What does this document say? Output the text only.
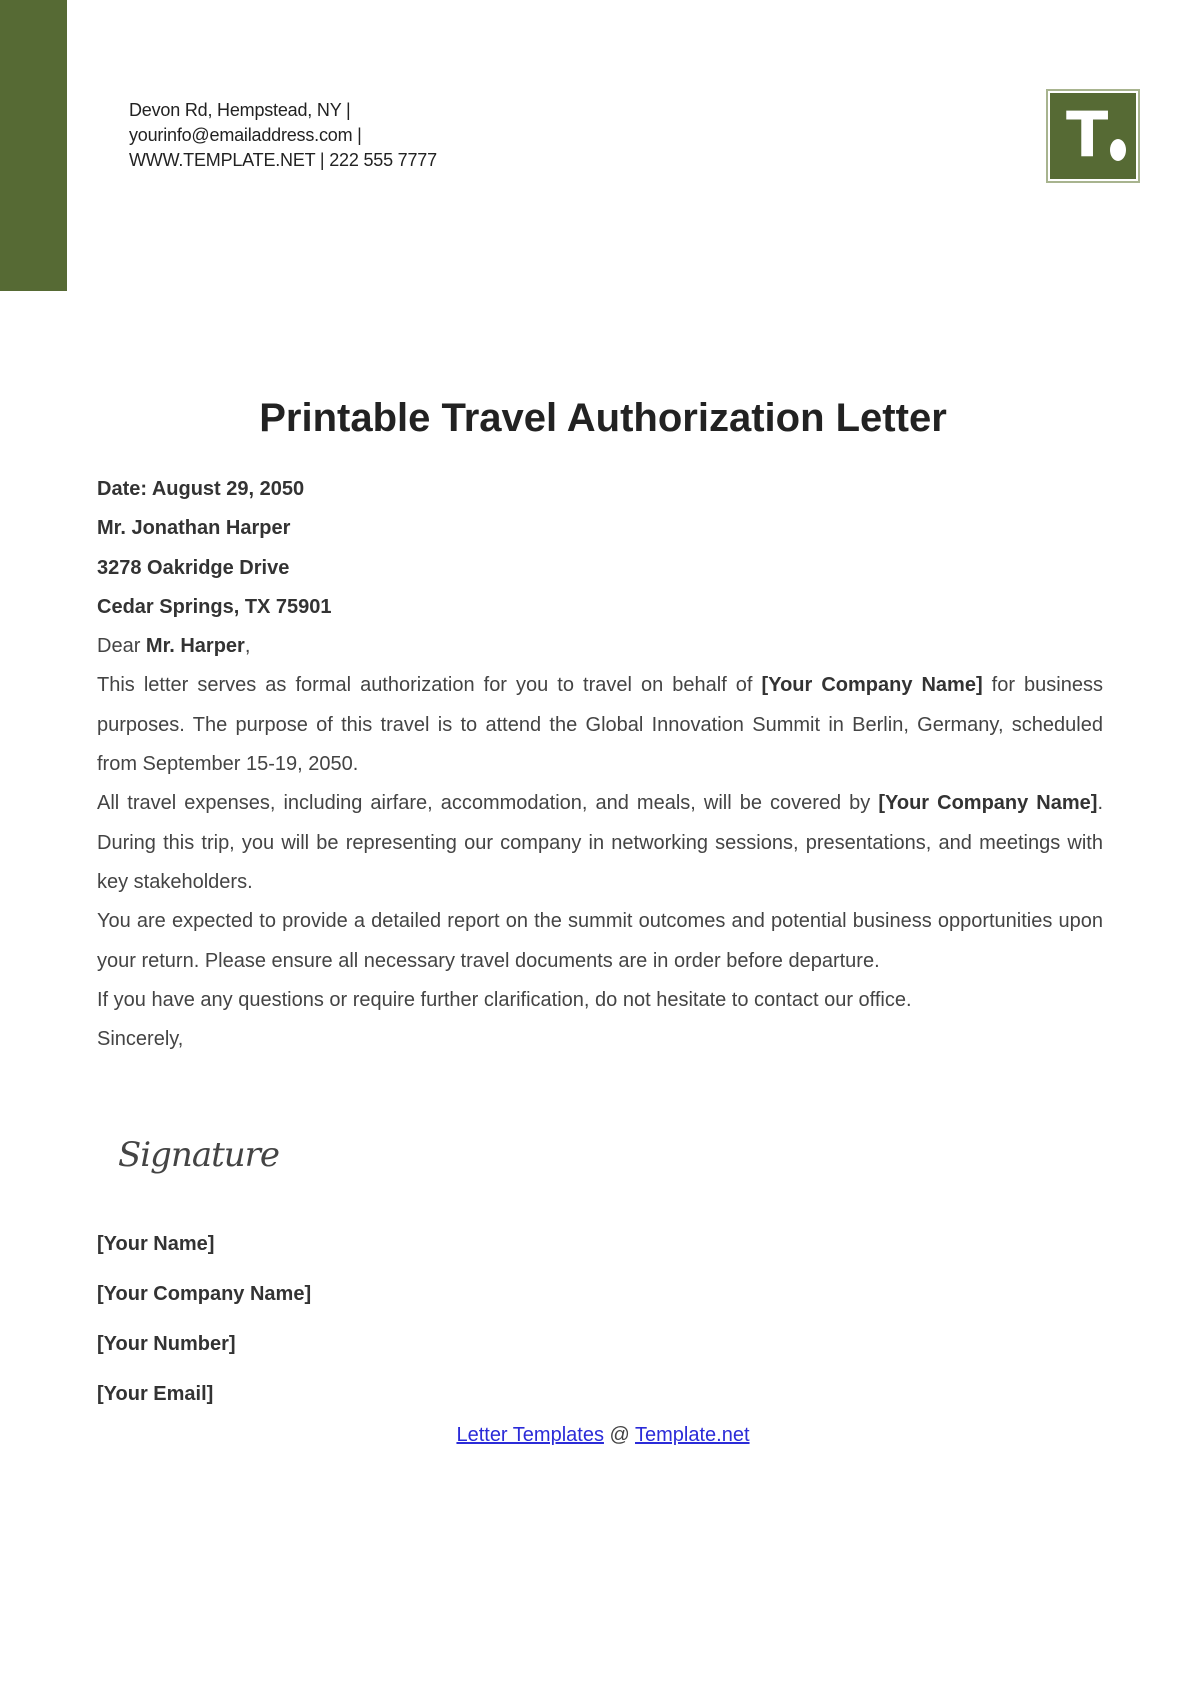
Devon Rd, Hempstead, NY |
yourinfo@emailaddress.com |
WWW.TEMPLATE.NET | 222 555 7777	T
Printable Travel Authorization Letter

Date: August 29, 2050

Mr. Jonathan Harper

3278 Oakridge Drive

Cedar Springs, TX 75901

Dear Mr. Harper,

This letter serves as formal authorization for you to travel on behalf of [Your Company Name] for business purposes. The purpose of this travel is to attend the Global Innovation Summit in Berlin, Germany, scheduled from September 15-19, 2050.

All travel expenses, including airfare, accommodation, and meals, will be covered by [Your Company Name]. During this trip, you will be representing our company in networking sessions, presentations, and meetings with key stakeholders.

You are expected to provide a detailed report on the summit outcomes and potential business opportunities upon your return. Please ensure all necessary travel documents are in order before departure.

If you have any questions or require further clarification, do not hesitate to contact our office.

Sincerely,

Signature
[Your Name]
[Your Company Name]
[Your Number]
[Your Email]
Letter Templates @ Template.net
